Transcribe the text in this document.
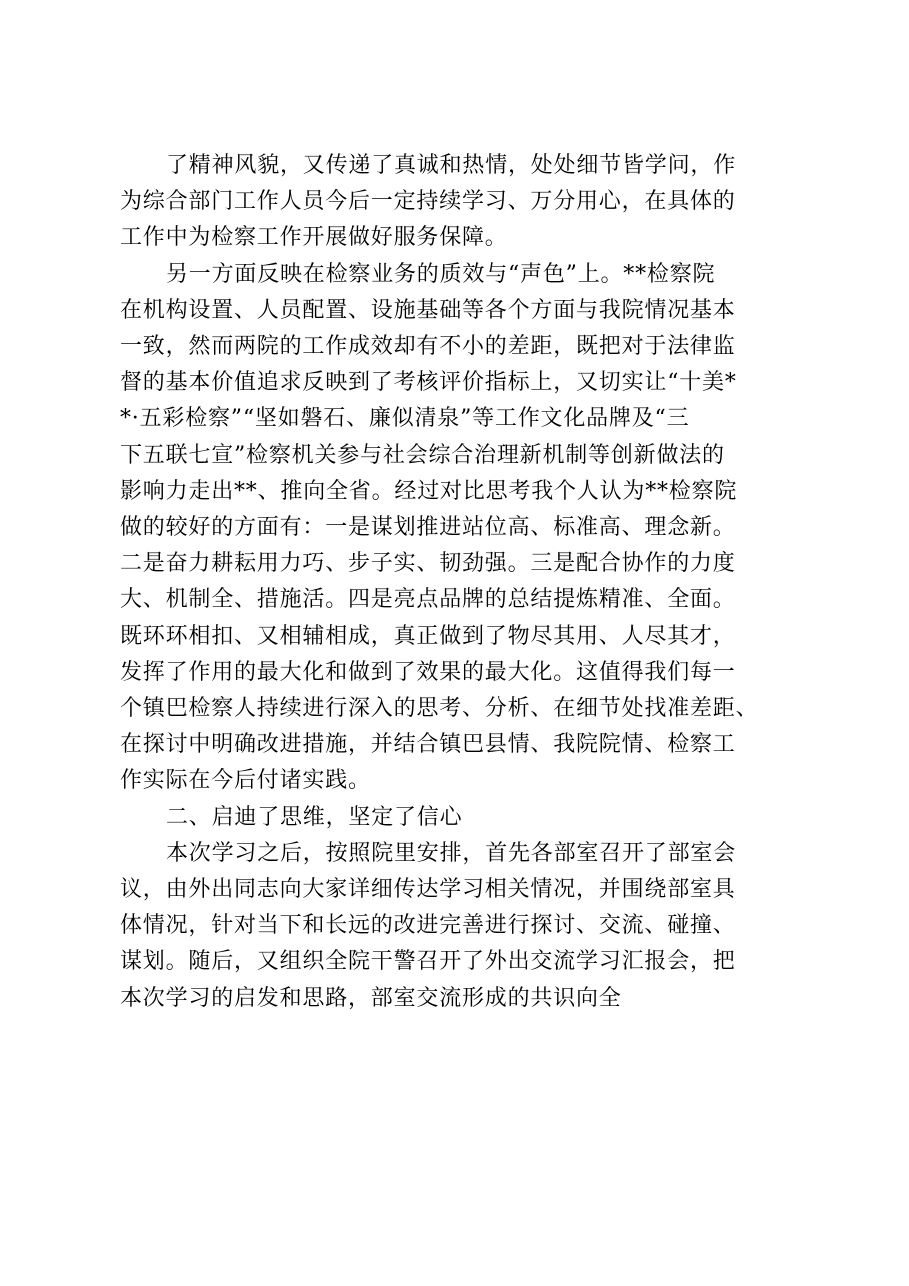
了精神风貌，又传递了真诚和热情，处处细节皆学问，作
为综合部门工作人员今后一定持续学习、万分用心，在具体的
工作中为检察工作开展做好服务保障。

另一方面反映在检察业务的质效与“声色”上。**检察院
在机构设置、人员配置、设施基础等各个方面与我院情况基本
一致，然而两院的工作成效却有不小的差距，既把对于法律监
督的基本价值追求反映到了考核评价指标上，又切实让“十美*
*·五彩检察”“坚如磐石、廉似清泉”等工作文化品牌及“三
下五联七宣”检察机关参与社会综合治理新机制等创新做法的
影响力走出**、推向全省。经过对比思考我个人认为**检察院
做的较好的方面有：一是谋划推进站位高、标准高、理念新。
二是奋力耕耘用力巧、步子实、韧劲强。三是配合协作的力度
大、机制全、措施活。四是亮点品牌的总结提炼精准、全面。
既环环相扣、又相辅相成，真正做到了物尽其用、人尽其才，
发挥了作用的最大化和做到了效果的最大化。这值得我们每一
个镇巴检察人持续进行深入的思考、分析、在细节处找准差距、
在探讨中明确改进措施，并结合镇巴县情、我院院情、检察工
作实际在今后付诸实践。

二、启迪了思维，坚定了信心

本次学习之后，按照院里安排，首先各部室召开了部室会
议，由外出同志向大家详细传达学习相关情况，并围绕部室具
体情况，针对当下和长远的改进完善进行探讨、交流、碰撞、
谋划。随后，又组织全院干警召开了外出交流学习汇报会，把
本次学习的启发和思路，部室交流形成的共识向全
